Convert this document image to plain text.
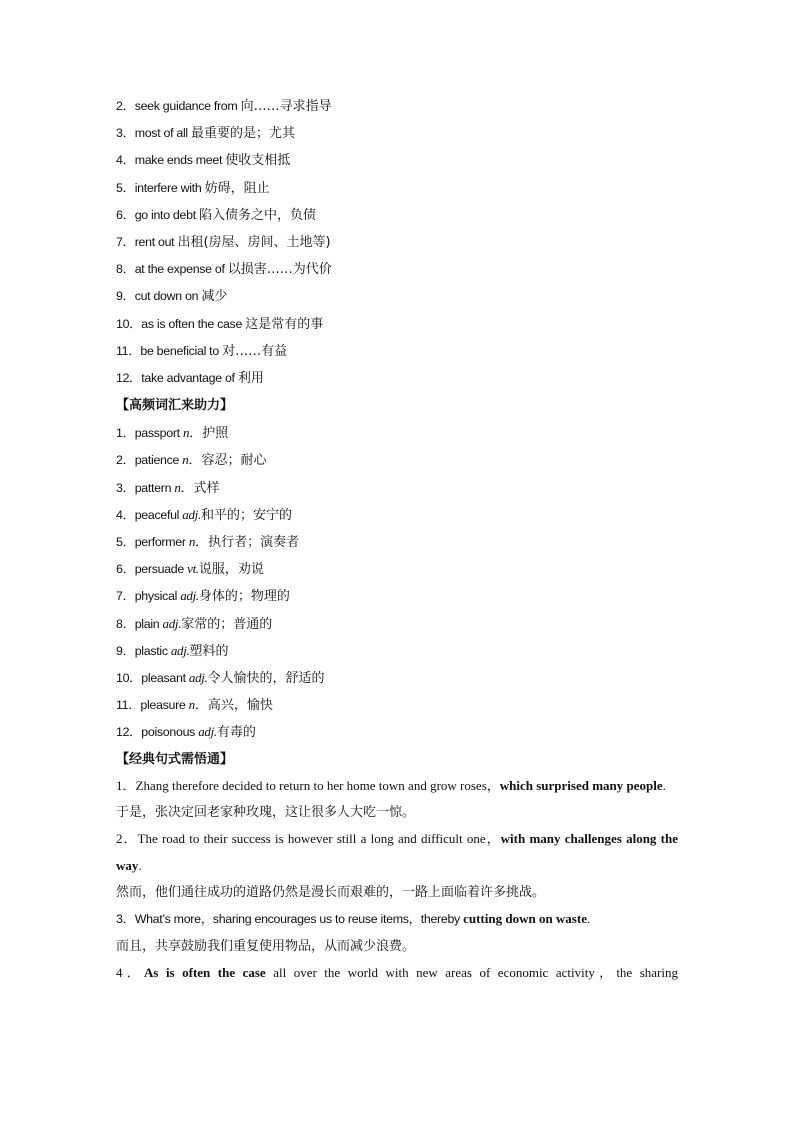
2．seek guidance from 向……寻求指导
3．most of all 最重要的是；尤其
4．make ends meet 使收支相抵
5．interfere with 妨碍，阻止
6．go into debt 陷入债务之中，负债
7．rent out 出租(房屋、房间、土地等)
8．at the expense of 以损害……为代价
9．cut down on 减少
10．as is often the case 这是常有的事
11．be beneficial to 对……有益
12．take advantage of 利用
【高频词汇来助力】
1．passport n．护照
2．patience n．容忍；耐心
3．pattern n．式样
4．peaceful adj.和平的；安宁的
5．performer n．执行者；演奏者
6．persuade vt.说服，劝说
7．physical adj.身体的；物理的
8．plain adj.家常的；普通的
9．plastic adj.塑料的
10．pleasant adj.令人愉快的，舒适的
11．pleasure n．高兴，愉快
12．poisonous adj.有毒的
【经典句式需悟通】
1．Zhang therefore decided to return to her home town and grow roses，which surprised many people.
于是，张决定回老家种玫瑰，这让很多人大吃一惊。
2．The road to their success is however still a long and difficult one，with many challenges along the way.
然而，他们通往成功的道路仍然是漫长而艰难的，一路上面临着许多挑战。
3．What’s more，sharing encourages us to reuse items，thereby cutting down on waste.
而且，共享鼓励我们重复使用物品，从而减少浪费。
4．As is often the case all over the world with new areas of economic activity，the sharing
